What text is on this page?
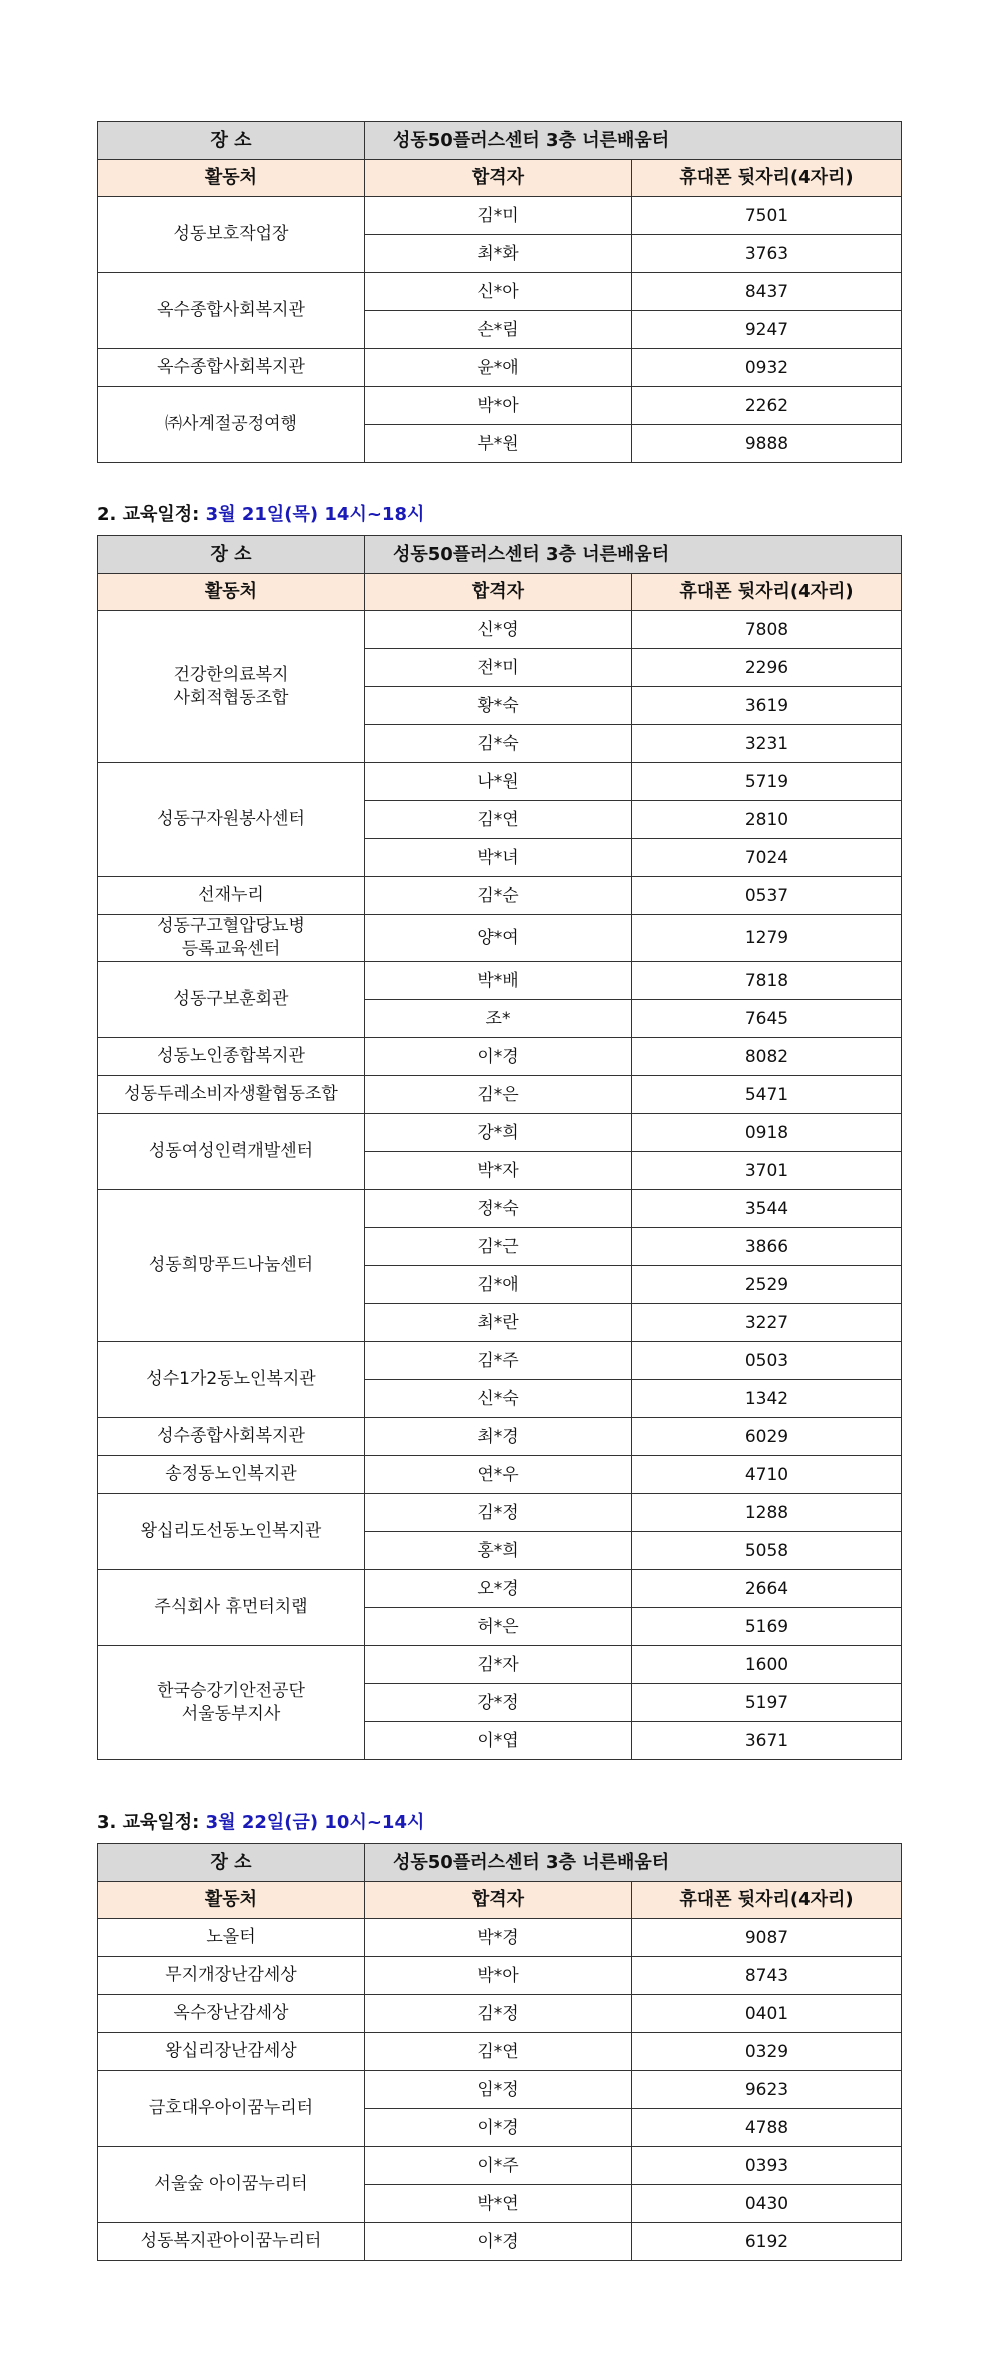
장 소	성동50플러스센터 3층 너른배움터	
활동처	합격자	휴대폰 뒷자리(4자리)
성동보호작업장	김*미	7501
	최*화	3763
옥수종합사회복지관	신*아	8437
	손*림	9247
옥수종합사회복지관	윤*애	0932
㈜사계절공정여행	박*아	2262
	부*원	9888
2. 교육일정: 3월 21일(목) 14시~18시
장 소	성동50플러스센터 3층 너른배움터	
활동처	합격자	휴대폰 뒷자리(4자리)
건강한의료복지
사회적협동조합	신*영	7808
	전*미	2296
	황*숙	3619
	김*숙	3231
성동구자원봉사센터	나*원	5719
	김*연	2810
	박*녀	7024
선재누리	김*순	0537
성동구고혈압당뇨병
등록교육센터	양*여	1279
성동구보훈회관	박*배	7818
	조*	7645
성동노인종합복지관	이*경	8082
성동두레소비자생활협동조합	김*은	5471
성동여성인력개발센터	강*희	0918
	박*자	3701
성동희망푸드나눔센터	정*숙	3544
	김*근	3866
	김*애	2529
	최*란	3227
성수1가2동노인복지관	김*주	0503
	신*숙	1342
성수종합사회복지관	최*경	6029
송정동노인복지관	연*우	4710
왕십리도선동노인복지관	김*정	1288
	홍*희	5058
주식회사 휴먼터치랩	오*경	2664
	허*은	5169
한국승강기안전공단
서울동부지사	김*자	1600
	강*정	5197
	이*엽	3671
3. 교육일정: 3월 22일(금) 10시~14시
장 소	성동50플러스센터 3층 너른배움터	
활동처	합격자	휴대폰 뒷자리(4자리)
노올터	박*경	9087
무지개장난감세상	박*아	8743
옥수장난감세상	김*정	0401
왕십리장난감세상	김*연	0329
금호대우아이꿈누리터	임*정	9623
	이*경	4788
서울숲 아이꿈누리터	이*주	0393
	박*연	0430
성동복지관아이꿈누리터	이*경	6192
